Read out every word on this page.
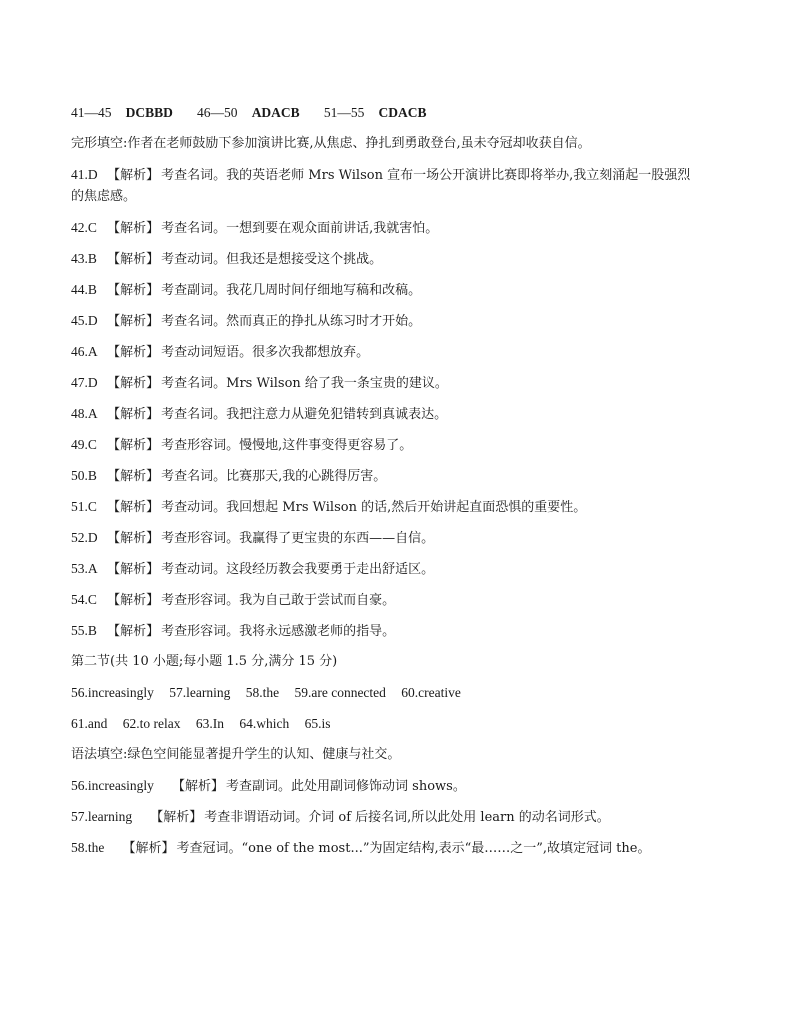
41—45 DCBBD 46—50 ADACB 51—55 CDACB
完形填空:作者在老师鼓励下参加演讲比赛,从焦虑、挣扎到勇敢登台,虽未夺冠却收获自信。
41.D 【解析】 考查名词。我的英语老师 Mrs Wilson 宣布一场公开演讲比赛即将举办,我立刻涌起一股强烈
的焦虑感。
42.C 【解析】 考查名词。一想到要在观众面前讲话,我就害怕。
43.B 【解析】 考查动词。但我还是想接受这个挑战。
44.B 【解析】 考查副词。我花几周时间仔细地写稿和改稿。
45.D 【解析】 考查名词。然而真正的挣扎从练习时才开始。
46.A 【解析】 考查动词短语。很多次我都想放弃。
47.D 【解析】 考查名词。Mrs Wilson 给了我一条宝贵的建议。
48.A 【解析】 考查名词。我把注意力从避免犯错转到真诚表达。
49.C 【解析】 考查形容词。慢慢地,这件事变得更容易了。
50.B 【解析】 考查名词。比赛那天,我的心跳得厉害。
51.C 【解析】 考查动词。我回想起 Mrs Wilson 的话,然后开始讲起直面恐惧的重要性。
52.D 【解析】 考查形容词。我赢得了更宝贵的东西——自信。
53.A 【解析】 考查动词。这段经历教会我要勇于走出舒适区。
54.C 【解析】 考查形容词。我为自己敢于尝试而自豪。
55.B 【解析】 考查形容词。我将永远感激老师的指导。
第二节(共 10 小题;每小题 1.5 分,满分 15 分)
56.increasingly 57.learning 58.the 59.are connected 60.creative
61.and 62.to relax 63.In 64.which 65.is
语法填空:绿色空间能显著提升学生的认知、健康与社交。
56.increasingly 【解析】 考查副词。此处用副词修饰动词 shows。
57.learning 【解析】 考查非谓语动词。介词 of 后接名词,所以此处用 learn 的动名词形式。
58.the 【解析】 考查冠词。“one of the most...”为固定结构,表示“最……之一”,故填定冠词 the。
